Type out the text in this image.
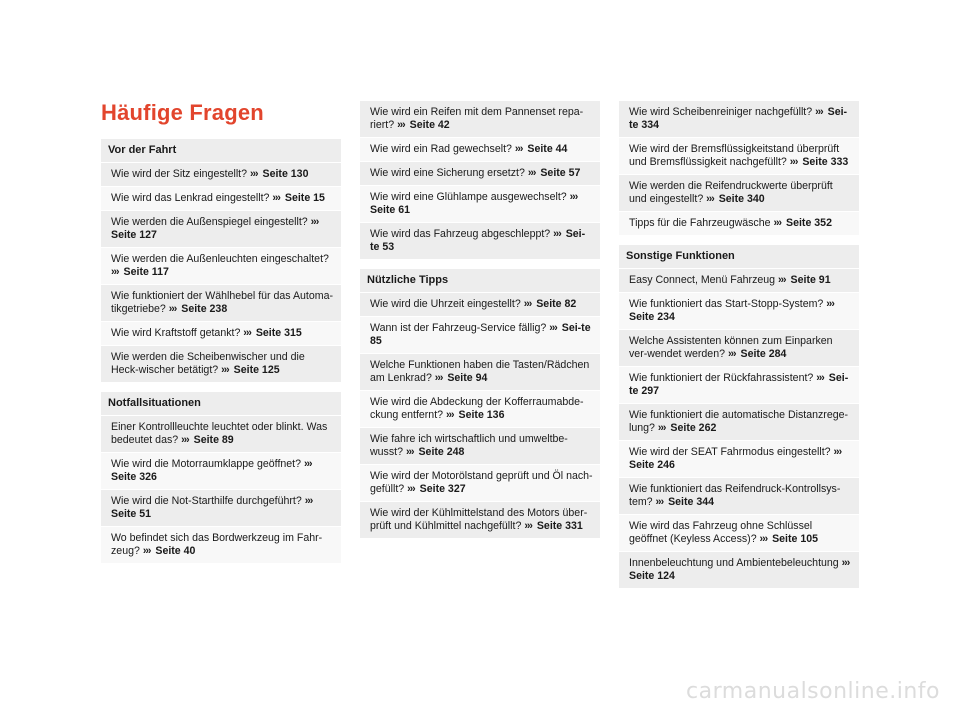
Häufige Fragen
Vor der Fahrt
Wie wird der Sitz eingestellt? ››› Seite 130
Wie wird das Lenkrad eingestellt? ››› Seite 15
Wie werden die Außenspiegel eingestellt? ››› Seite 127
Wie werden die Außenleuchten eingeschaltet? ››› Seite 117
Wie funktioniert der Wählhebel für das Automa-tikgetriebe? ››› Seite 238
Wie wird Kraftstoff getankt? ››› Seite 315
Wie werden die Scheibenwischer und die Heck-wischer betätigt? ››› Seite 125
Notfallsituationen
Einer Kontrollleuchte leuchtet oder blinkt. Was bedeutet das? ››› Seite 89
Wie wird die Motorraumklappe geöffnet? ››› Seite 326
Wie wird die Not-Starthilfe durchgeführt? ››› Seite 51
Wo befindet sich das Bordwerkzeug im Fahr-zeug? ››› Seite 40
Wie wird ein Reifen mit dem Pannenset repa-riert? ››› Seite 42
Wie wird ein Rad gewechselt? ››› Seite 44
Wie wird eine Sicherung ersetzt? ››› Seite 57
Wie wird eine Glühlampe ausgewechselt? ››› Seite 61
Wie wird das Fahrzeug abgeschleppt? ››› Sei-te 53
Nützliche Tipps
Wie wird die Uhrzeit eingestellt? ››› Seite 82
Wann ist der Fahrzeug-Service fällig? ››› Sei-te 85
Welche Funktionen haben die Tasten/Rädchen am Lenkrad? ››› Seite 94
Wie wird die Abdeckung der Kofferraumabde-ckung entfernt? ››› Seite 136
Wie fahre ich wirtschaftlich und umweltbe-wusst? ››› Seite 248
Wie wird der Motorölstand geprüft und Öl nach-gefüllt? ››› Seite 327
Wie wird der Kühlmittelstand des Motors über-prüft und Kühlmittel nachgefüllt? ››› Seite 331
Wie wird Scheibenreiniger nachgefüllt? ››› Sei-te 334
Wie wird der Bremsflüssigkeitstand überprüft und Bremsflüssigkeit nachgefüllt? ››› Seite 333
Wie werden die Reifendruckwerte überprüft und eingestellt? ››› Seite 340
Tipps für die Fahrzeugwäsche ››› Seite 352
Sonstige Funktionen
Easy Connect, Menü Fahrzeug ››› Seite 91
Wie funktioniert das Start-Stopp-System? ››› Seite 234
Welche Assistenten können zum Einparken ver-wendet werden? ››› Seite 284
Wie funktioniert der Rückfahrassistent? ››› Sei-te 297
Wie funktioniert die automatische Distanzrege-lung? ››› Seite 262
Wie wird der SEAT Fahrmodus eingestellt? ››› Seite 246
Wie funktioniert das Reifendruck-Kontrollsys-tem? ››› Seite 344
Wie wird das Fahrzeug ohne Schlüssel geöffnet (Keyless Access)? ››› Seite 105
Innenbeleuchtung und Ambientebeleuchtung ››› Seite 124
carmanualsonline.info
